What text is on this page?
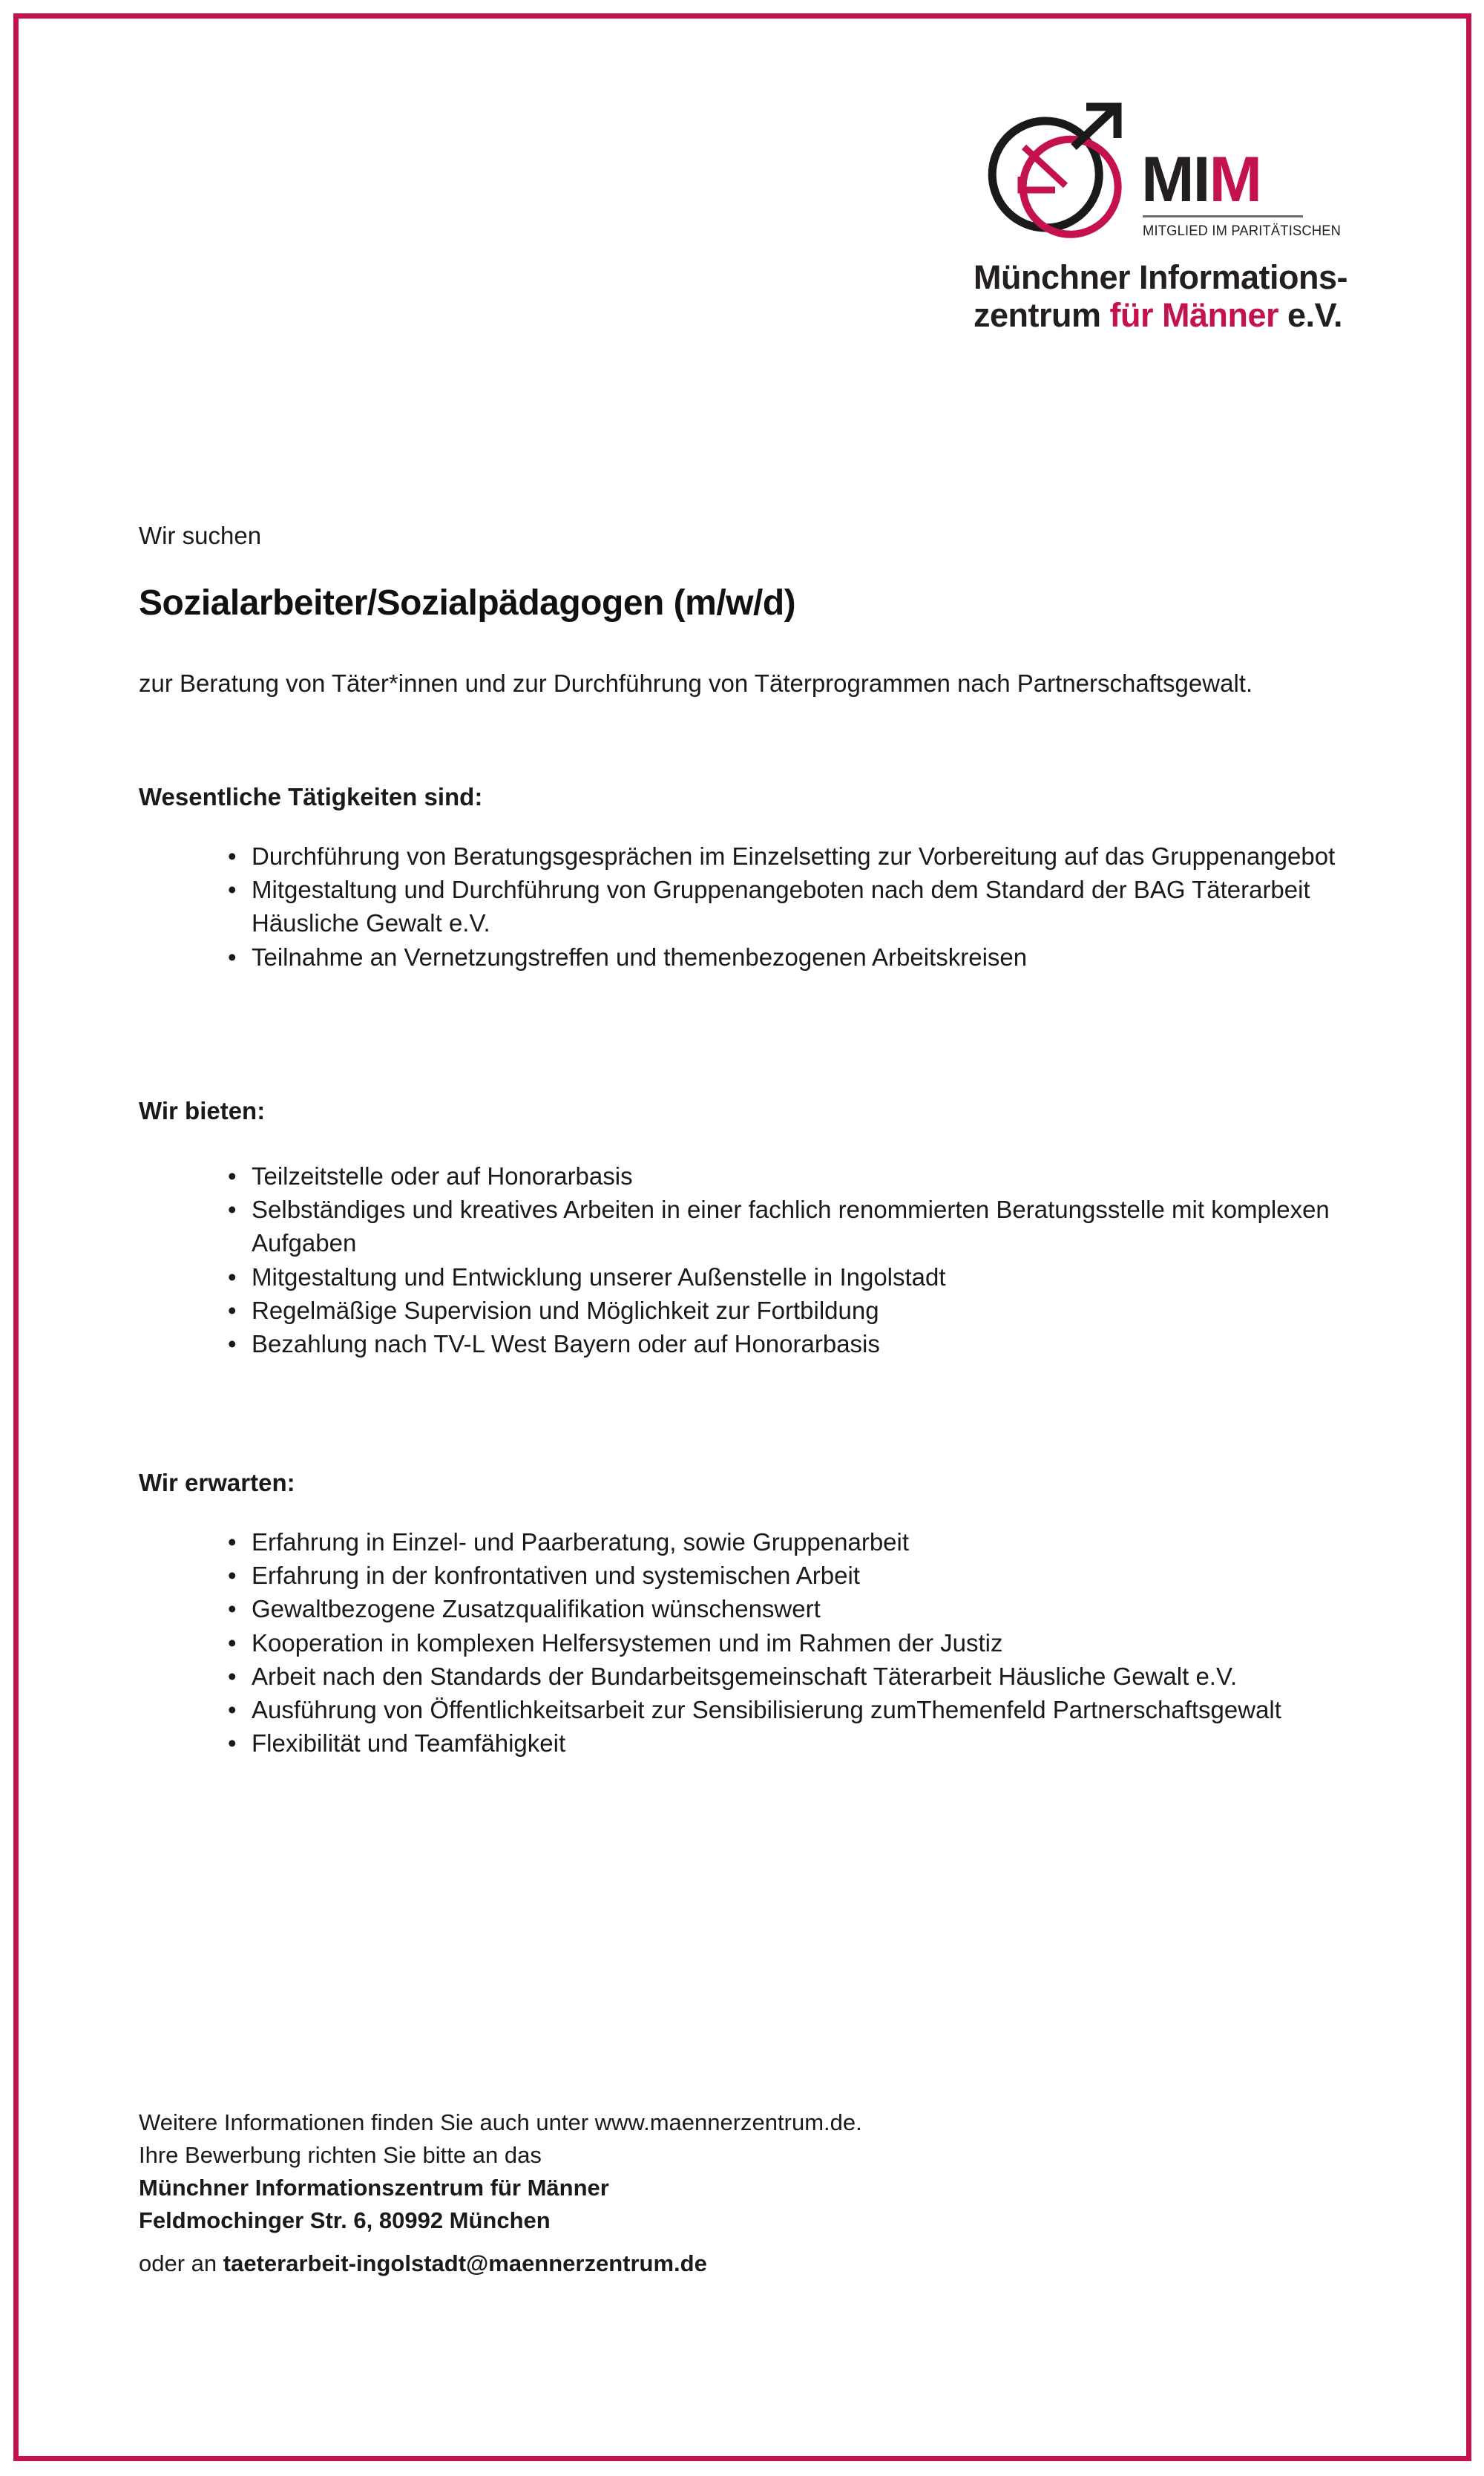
MIM
MITGLIED IM PARITÄTISCHEN
Münchner Informations-
zentrum für Männer e.V.
Wir suchen
Sozialarbeiter/Sozialpädagogen (m/w/d)
zur Beratung von Täter*innen und zur Durchführung von Täterprogrammen nach Partnerschaftsgewalt.
Wesentliche Tätigkeiten sind:
• Durchführung von Beratungsgesprächen im Einzelsetting zur Vorbereitung auf das Gruppenangebot
• Mitgestaltung und Durchführung von Gruppenangeboten nach dem Standard der BAG Täterarbeit Häusliche Gewalt e.V.
• Teilnahme an Vernetzungstreffen und themenbezogenen Arbeitskreisen
Wir bieten:
• Teilzeitstelle oder auf Honorarbasis
• Selbständiges und kreatives Arbeiten in einer fachlich renommierten Beratungsstelle mit komplexen Aufgaben
• Mitgestaltung und Entwicklung unserer Außenstelle in Ingolstadt
• Regelmäßige Supervision und Möglichkeit zur Fortbildung
• Bezahlung nach TV-L West Bayern oder auf Honorarbasis
Wir erwarten:
• Erfahrung in Einzel- und Paarberatung, sowie Gruppenarbeit
• Erfahrung in der konfrontativen und systemischen Arbeit
• Gewaltbezogene Zusatzqualifikation wünschenswert
• Kooperation in komplexen Helfersystemen und im Rahmen der Justiz
• Arbeit nach den Standards der Bundarbeitsgemeinschaft Täterarbeit Häusliche Gewalt e.V.
• Ausführung von Öffentlichkeitsarbeit zur Sensibilisierung zumThemenfeld Partnerschaftsgewalt
• Flexibilität und Teamfähigkeit
Weitere Informationen finden Sie auch unter www.maennerzentrum.de.
Ihre Bewerbung richten Sie bitte an das
Münchner Informationszentrum für Männer
Feldmochinger Str. 6, 80992 München
oder an taeterarbeit-ingolstadt@maennerzentrum.de
